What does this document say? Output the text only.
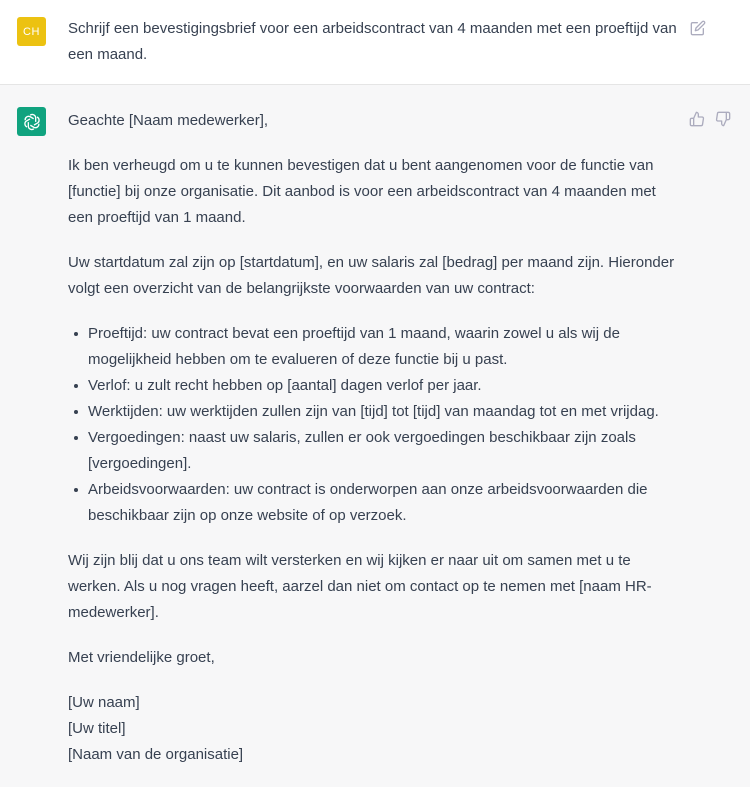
CH	Schrijf een bevestigingsbrief voor een arbeidscontract van 4 maanden met een proeftijd van een maand.

Geachte [Naam medewerker],

Ik ben verheugd om u te kunnen bevestigen dat u bent aangenomen voor de functie van [functie] bij onze organisatie. Dit aanbod is voor een arbeidscontract van 4 maanden met een proeftijd van 1 maand.

Uw startdatum zal zijn op [startdatum], en uw salaris zal [bedrag] per maand zijn. Hieronder volgt een overzicht van de belangrijkste voorwaarden van uw contract:

Proeftijd: uw contract bevat een proeftijd van 1 maand, waarin zowel u als wij de mogelijkheid hebben om te evalueren of deze functie bij u past.
Verlof: u zult recht hebben op [aantal] dagen verlof per jaar.
Werktijden: uw werktijden zullen zijn van [tijd] tot [tijd] van maandag tot en met vrijdag.
Vergoedingen: naast uw salaris, zullen er ook vergoedingen beschikbaar zijn zoals [vergoedingen].
Arbeidsvoorwaarden: uw contract is onderworpen aan onze arbeidsvoorwaarden die beschikbaar zijn op onze website of op verzoek.

Wij zijn blij dat u ons team wilt versterken en wij kijken er naar uit om samen met u te werken. Als u nog vragen heeft, aarzel dan niet om contact op te nemen met [naam HR-medewerker].

Met vriendelijke groet,

[Uw naam]

[Uw titel]

[Naam van de organisatie]
